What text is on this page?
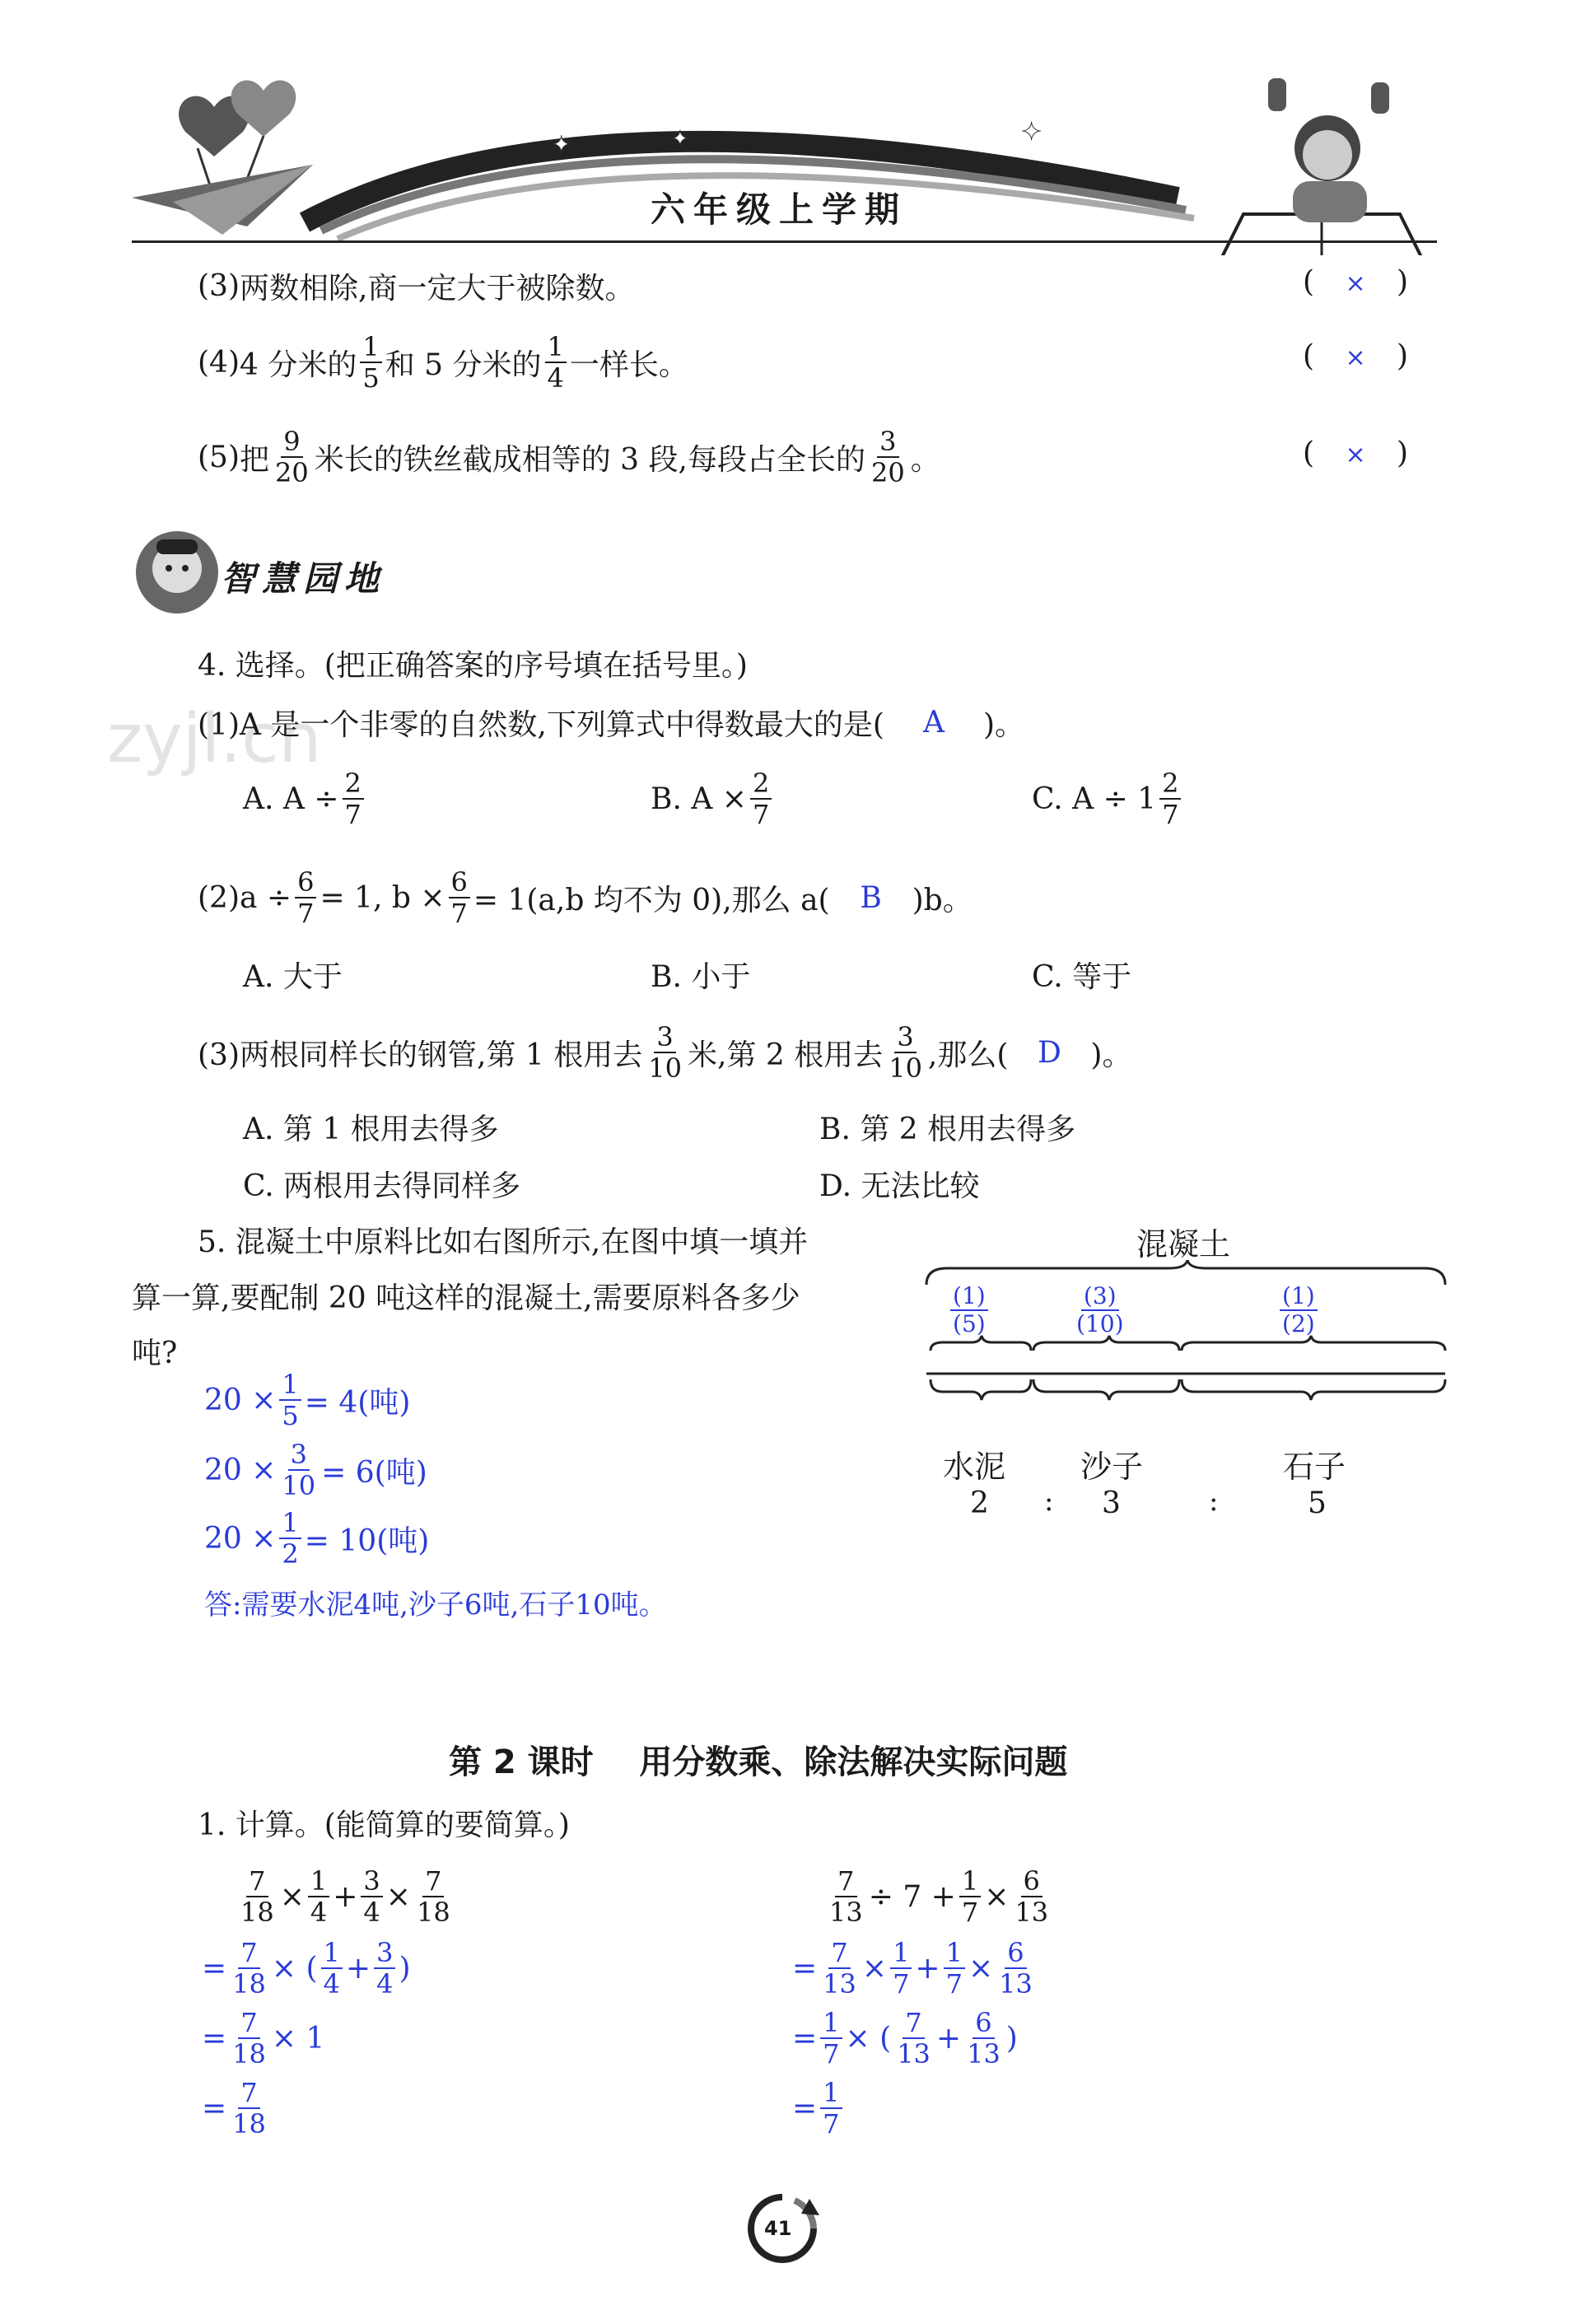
✦	✦	✦
六年级上学期
(3) 两数相除,商一定大于被除数。	( × )
(4) 4 分米的 $\frac{1}{5}$ 和 5 分米的 $\frac{1}{4}$ 一样长。	( × )
(5) 把 $\frac{9}{20}$ 米长的铁丝截成相等的 3 段,每段占全长的 $\frac{3}{20}$ 。	( × )
智慧园地
zyjl.cn
4. 选择。(把正确答案的序号填在括号里。)
(1)A 是一个非零的自然数,下列算式中得数最大的是(	A	)。
A. $A \div \frac{2}{7}$	B. $A \times \frac{2}{7}$	C. $A \div 1 \frac{2}{7}$
$(2)a \div \frac{6}{7} = 1$, $b \times \frac{6}{7} = 1(a,b$ 均不为 0),那么 a(	B	)b。
A. 大于	B. 小于	C. 等于
(3)两根同样长的钢管,第 1 根用去 $\frac{3}{10}$ 米,第 2 根用去 $\frac{3}{10}$ ,那么( D )。
A. 第 1 根用去得多	B. 第 2 根用去得多
C. 两根用去得同样多	D. 无法比较
5. 混凝土中原料比如右图所示,在图中填一填并
算一算,要配制 20 吨这样的混凝土,需要原料各多少
吨?
$20 \times \frac{1}{5} = 4$(吨)
$20 \times \frac{3}{10} = 6$(吨)
$20 \times \frac{1}{2} = 10$(吨)
答:需要水泥4吨,沙子6吨,石子10吨。
混凝土
$\frac{(1)}{(5)}$	$\frac{(3)}{(10)}$	$\frac{(1)}{(2)}$
水泥 沙子	石子
2 : 3	:	5
第 2 课时    用分数乘、除法解决实际问题
1. 计算。(能简算的要简算。)
$\frac{7}{18} \times \frac{1}{4} + \frac{3}{4} \times \frac{7}{18}$
= $\frac{7}{18}$ × ( $\frac{1}{4} + \frac{3}{4}$ )
= $\frac{7}{18} \times 1$
= $\frac{7}{18}$
$\frac{7}{13} \div 7 + \frac{1}{7} \times \frac{6}{13}$
= $\frac{7}{13} \times \frac{1}{7} + \frac{1}{7} \times \frac{6}{13}$
= $\frac{1}{7}$ × ( $\frac{7}{13} + \frac{6}{13}$ )
= $\frac{1}{7}$
41
